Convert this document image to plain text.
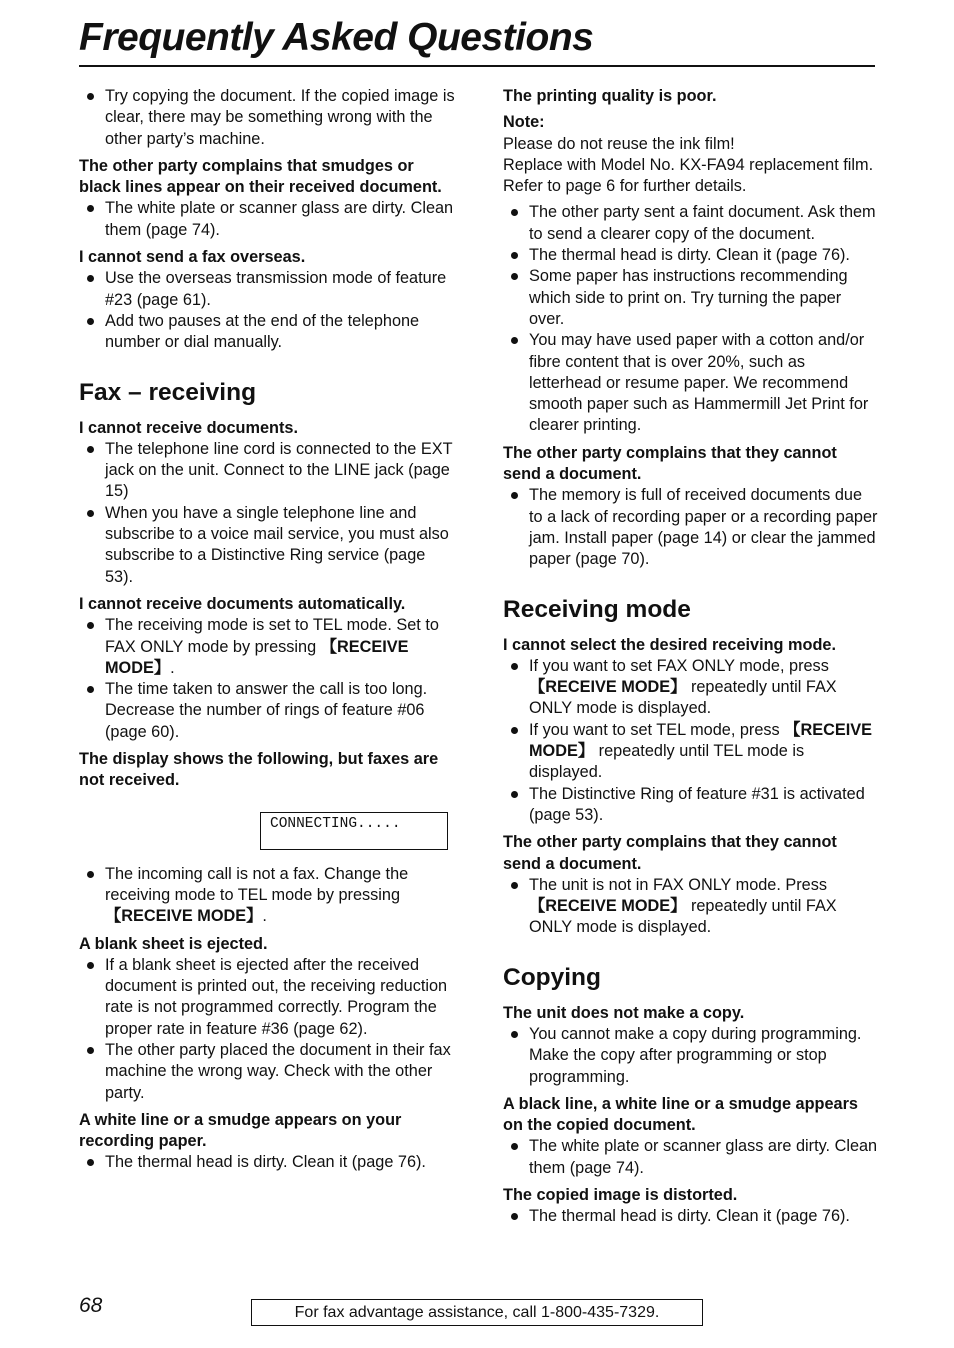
Frequently Asked Questions
Try copying the document. If the copied image is clear, there may be something wrong with the other party’s machine.

The other party complains that smudges or black lines appear on their received document.

The white plate or scanner glass are dirty. Clean them (page 74).

I cannot send a fax overseas.

Use the overseas transmission mode of feature #23 (page 61).
Add two pauses at the end of the telephone number or dial manually.
Fax – receiving

I cannot receive documents.

The telephone line cord is connected to the EXT jack on the unit. Connect to the LINE jack (page 15)
When you have a single telephone line and subscribe to a voice mail service, you must also subscribe to a Distinctive Ring service (page 53).

I cannot receive documents automatically.

The receiving mode is set to TEL mode. Set to FAX ONLY mode by pressing 【RECEIVE MODE】.
The time taken to answer the call is too long. Decrease the number of rings of feature #06 (page 60).

The display shows the following, but faxes are not received.

CONNECTING.....
The incoming call is not a fax. Change the receiving mode to TEL mode by pressing 【RECEIVE MODE】.

A blank sheet is ejected.

If a blank sheet is ejected after the received document is printed out, the receiving reduction rate is not programmed correctly. Program the proper rate in feature #36 (page 62).
The other party placed the document in their fax machine the wrong way. Check with the other party.

A white line or a smudge appears on your recording paper.

The thermal head is dirty. Clean it (page 76).

The printing quality is poor.

Note:

Please do not reuse the ink film!

Replace with Model No. KX-FA94 replacement film. Refer to page 6 for further details.

The other party sent a faint document. Ask them to send a clearer copy of the document.
The thermal head is dirty. Clean it (page 76).
Some paper has instructions recommending which side to print on. Try turning the paper over.
You may have used paper with a cotton and/or fibre content that is over 20%, such as letterhead or resume paper. We recommend smooth paper such as Hammermill Jet Print for clearer printing.

The other party complains that they cannot send a document.

The memory is full of received documents due to a lack of recording paper or a recording paper jam. Install paper (page 14) or clear the jammed paper (page 70).
Receiving mode

I cannot select the desired receiving mode.

If you want to set FAX ONLY mode, press 【RECEIVE MODE】 repeatedly until FAX ONLY mode is displayed.
If you want to set TEL mode, press 【RECEIVE MODE】 repeatedly until TEL mode is displayed.
The Distinctive Ring of feature #31 is activated (page 53).

The other party complains that they cannot send a document.

The unit is not in FAX ONLY mode. Press 【RECEIVE MODE】 repeatedly until FAX ONLY mode is displayed.
Copying

The unit does not make a copy.

You cannot make a copy during programming. Make the copy after programming or stop programming.

A black line, a white line or a smudge appears on the copied document.

The white plate or scanner glass are dirty. Clean them (page 74).

The copied image is distorted.

The thermal head is dirty. Clean it (page 76).
68	For fax advantage assistance, call 1-800-435-7329.
